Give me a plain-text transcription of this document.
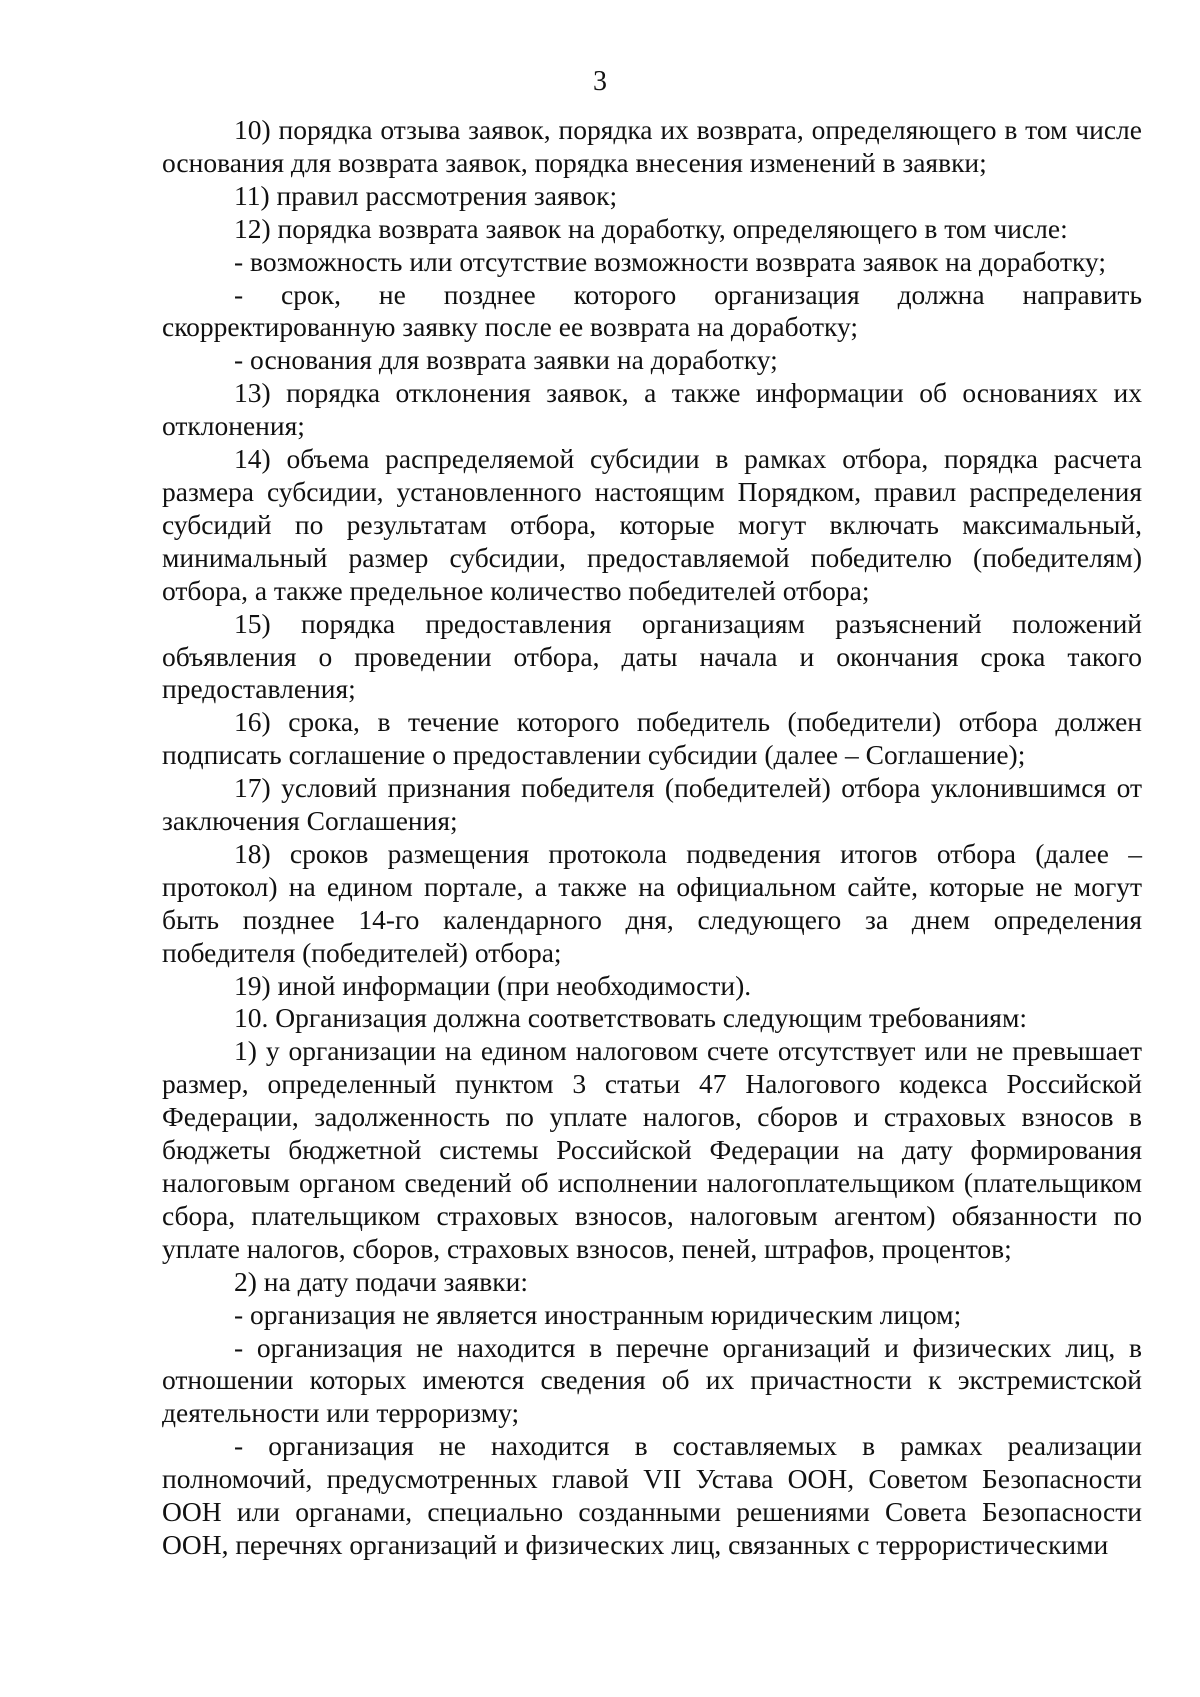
3

10) порядка отзыва заявок, порядка их возврата, определяющего в том числе основания для возврата заявок, порядка внесения изменений в заявки;

11) правил рассмотрения заявок;

12) порядка возврата заявок на доработку, определяющего в том числе:

- возможность или отсутствие возможности возврата заявок на доработку;

- срок, не позднее которого организация должна направить скорректированную заявку после ее возврата на доработку;

- основания для возврата заявки на доработку;

13) порядка отклонения заявок, а также информации об основаниях их отклонения;

14) объема распределяемой субсидии в рамках отбора, порядка расчета размера субсидии, установленного настоящим Порядком, правил распределения субсидий по результатам отбора, которые могут включать максимальный, минимальный размер субсидии, предоставляемой победителю (победителям) отбора, а также предельное количество победителей отбора;

15) порядка предоставления организациям разъяснений положений объявления о проведении отбора, даты начала и окончания срока такого предоставления;

16) срока, в течение которого победитель (победители) отбора должен подписать соглашение о предоставлении субсидии (далее – Соглашение);

17) условий признания победителя (победителей) отбора уклонившимся от заключения Соглашения;

18) сроков размещения протокола подведения итогов отбора (далее – протокол) на едином портале, а также на официальном сайте, которые не могут быть позднее 14-го календарного дня, следующего за днем определения победителя (победителей) отбора;

19) иной информации (при необходимости).

10. Организация должна соответствовать следующим требованиям:

1) у организации на едином налоговом счете отсутствует или не превышает размер, определенный пунктом 3 статьи 47 Налогового кодекса Российской Федерации, задолженность по уплате налогов, сборов и страховых взносов в бюджеты бюджетной системы Российской Федерации на дату формирования налоговым органом сведений об исполнении налогоплательщиком (плательщиком сбора, плательщиком страховых взносов, налоговым агентом) обязанности по уплате налогов, сборов, страховых взносов, пеней, штрафов, процентов;

2) на дату подачи заявки:

- организация не является иностранным юридическим лицом;

- организация не находится в перечне организаций и физических лиц, в отношении которых имеются сведения об их причастности к экстремистской деятельности или терроризму;

- организация не находится в составляемых в рамках реализации полномочий, предусмотренных главой VII Устава ООН, Советом Безопасности ООН или органами, специально созданными решениями Совета Безопасности ООН, перечнях организаций и физических лиц, связанных с террористическими
